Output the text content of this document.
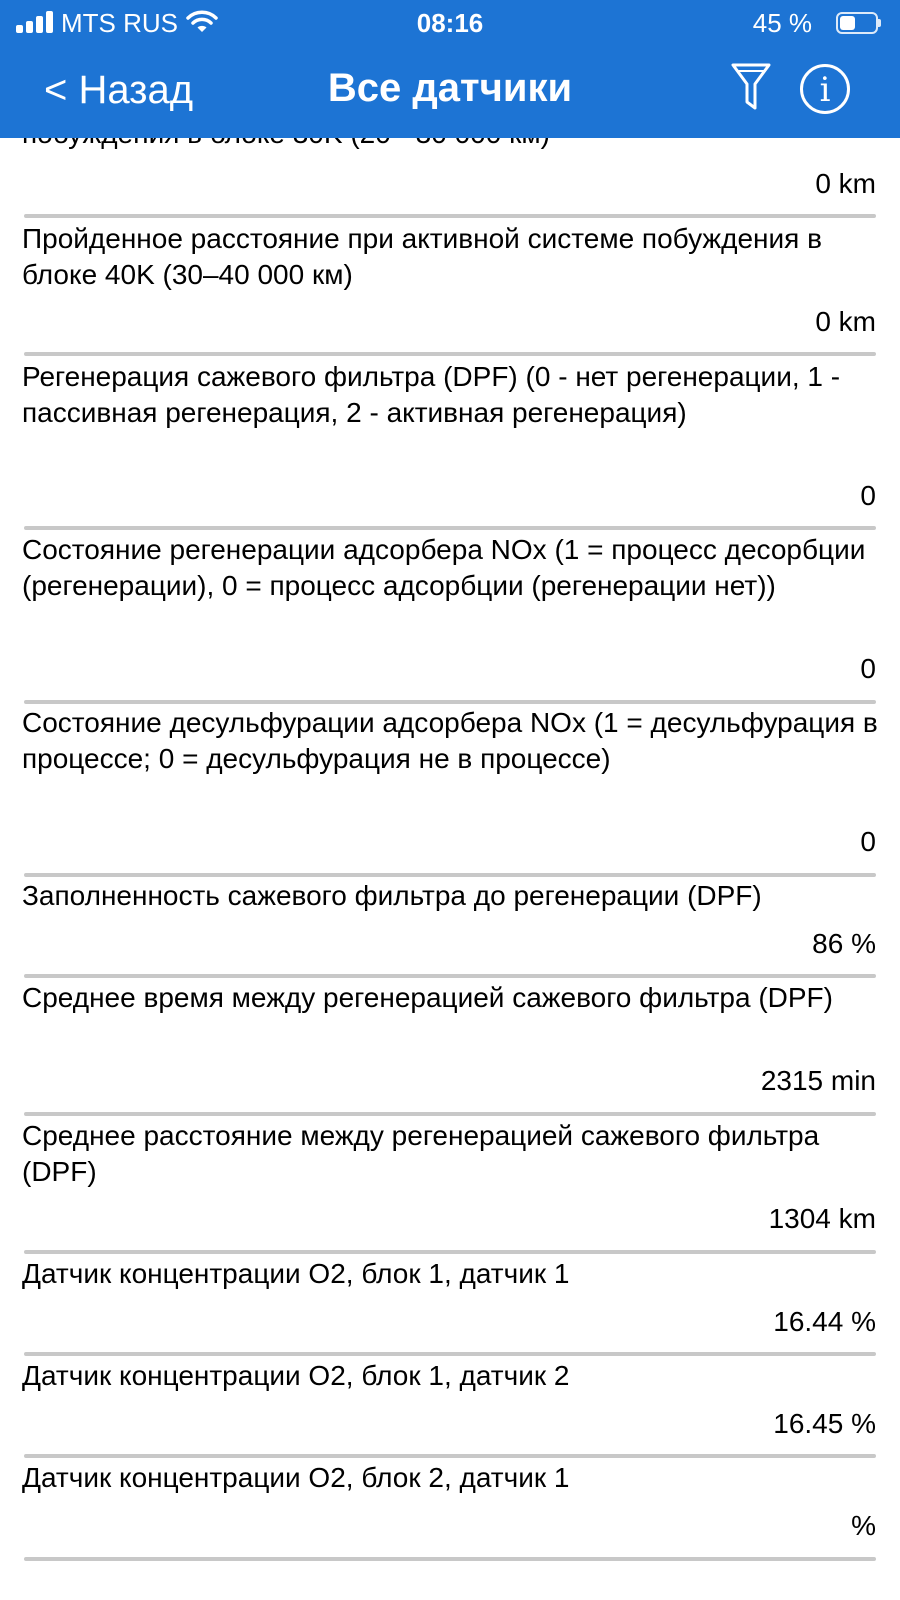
0 km
Пройденное расстояние при активной системе побуждения в блоке 40K (30–40 000 км)
0 km
Регенерация сажевого фильтра (DPF) (0 - нет регенерации, 1 - пассивная регенерация, 2 - активная регенерация)
0
Состояние регенерации адсорбера NOx (1 = процесс десорбции (регенерации), 0 = процесс адсорбции (регенерации нет))
0
Состояние десульфурации адсорбера NOx (1 = десульфурация в процессе; 0 = десульфурация не в процессе)
0
Заполненность сажевого фильтра до регенерации (DPF)
86 %
Среднее время между регенерацией сажевого фильтра (DPF)
2315 min
Среднее расстояние между регенерацией сажевого фильтра (DPF)
1304 km
Датчик концентрации O2, блок 1, датчик 1
16.44 %
Датчик концентрации O2, блок 1, датчик 2
16.45 %
Датчик концентрации O2, блок 2, датчик 1
%
MTS RUS	08:16	45 %
< Назад	Все датчики	i
